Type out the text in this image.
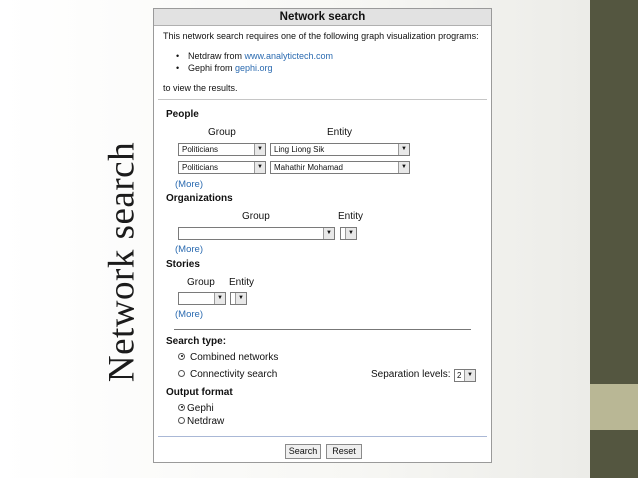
Network search
Network search
This network search requires one of the following graph visualization programs:
• Netdraw from www.analytictech.com
• Gephi from gephi.org
to view the results.
People
Group	Entity
Politicians	▼	Ling Liong Sik	▼
Politicians	▼	Mahathir Mohamad	▼
(More)
Organizations
Group	Entity
▼	▼
(More)
Stories
Group Entity
▼	▼
(More)
Search type:
Combined networks
Connectivity search	Separation levels: 2 ▼
Output format
Gephi
Netdraw
Search	Reset
